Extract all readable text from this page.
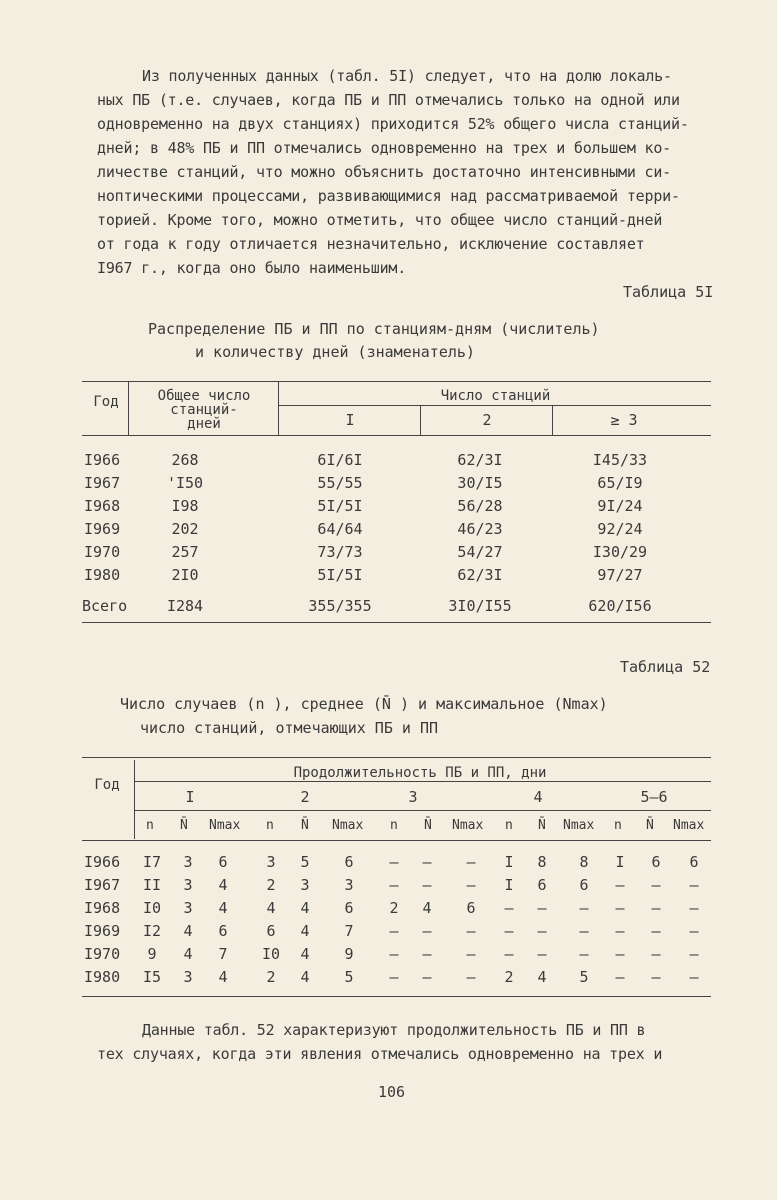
Из полученных данных (табл. 5I) следует, что на долю локаль-
ных ПБ (т.е. случаев, когда ПБ и ПП отмечались только на одной или
одновременно на двух станциях) приходится 52% общего числа станций-
дней; в 48% ПБ и ПП отмечались одновременно на трех и большем ко-
личестве станций, что можно объяснить достаточно интенсивными си-
ноптическими процессами, развивающимися над рассматриваемой терри-
торией. Кроме того, можно отметить, что общее число станций-дней
от года к году отличается незначительно, исключение составляет
I967 г., когда оно было наименьшим.
Таблица 5I
Распределение ПБ и ПП по станциям-дням (числитель)
и количеству дней (знаменатель)
Год	Общее число
станций-
дней
Число станций
I	2	≥ 3
I966	268	6I/6I	62/3I	I45/33
I967	'I50	55/55	30/I5	65/I9
I968	I98	5I/5I	56/28	9I/24
I969	202	64/64	46/23	92/24
I970	257	73/73	54/27	I30/29
I980	2I0	5I/5I	62/3I	97/27
Всего	I284	355/355	3I0/I55	620/I56
Таблица 52
Число случаев (n ), среднее (N̄ ) и максимальное (Nmax)
число станций, отмечающих ПБ и ПП
Год
Продолжительность ПБ и ПП, дни
I	2	3	4	5–6
n N̄ Nmax n N̄ Nmax n N̄ Nmax n N̄ Nmax n N̄ Nmax
I966	I7	3	6	3	5	6	–	–	–	I	8	8	I	6	6
I967	II	3	4	2	3	3	–	–	–	I	6	6	–	–	–
I968	I0	3	4	4	4	6	2	4	6	–	–	–	–	–	–
I969	I2	4	6	6	4	7	–	–	–	–	–	–	–	–	–
I970	9	4	7	I0	4	9	–	–	–	–	–	–	–	–	–
I980	I5	3	4	2	4	5	–	–	–	2	4	5	–	–	–
Данные табл. 52 характеризуют продолжительность ПБ и ПП в
тех случаях, когда эти явления отмечались одновременно на трех и
106
